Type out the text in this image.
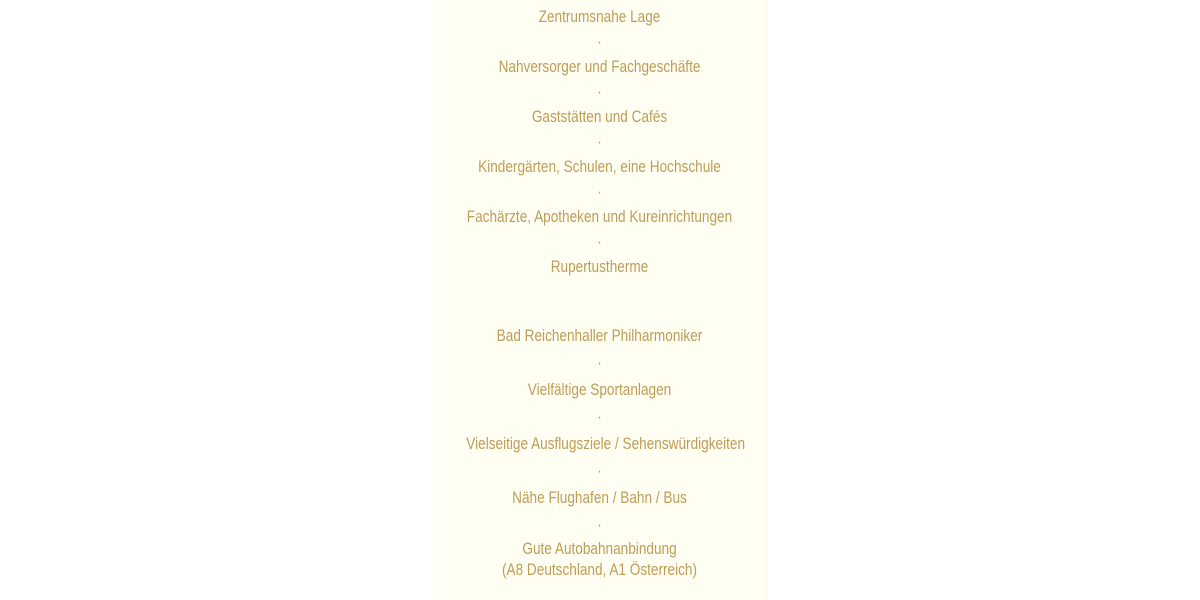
Zentrumsnahe Lage
·
Nahversorger und Fachgeschäfte
·
Gaststätten und Cafés
·
Kindergärten, Schulen, eine Hochschule
·
Fachärzte, Apotheken und Kureinrichtungen
·
Rupertustherme
Bad Reichenhaller Philharmoniker
·
Vielfältige Sportanlagen
·
Vielseitige Ausflugsziele / Sehenswürdigkeiten
·
Nähe Flughafen / Bahn / Bus
·
Gute Autobahnanbindung
(A8 Deutschland, A1 Österreich)
